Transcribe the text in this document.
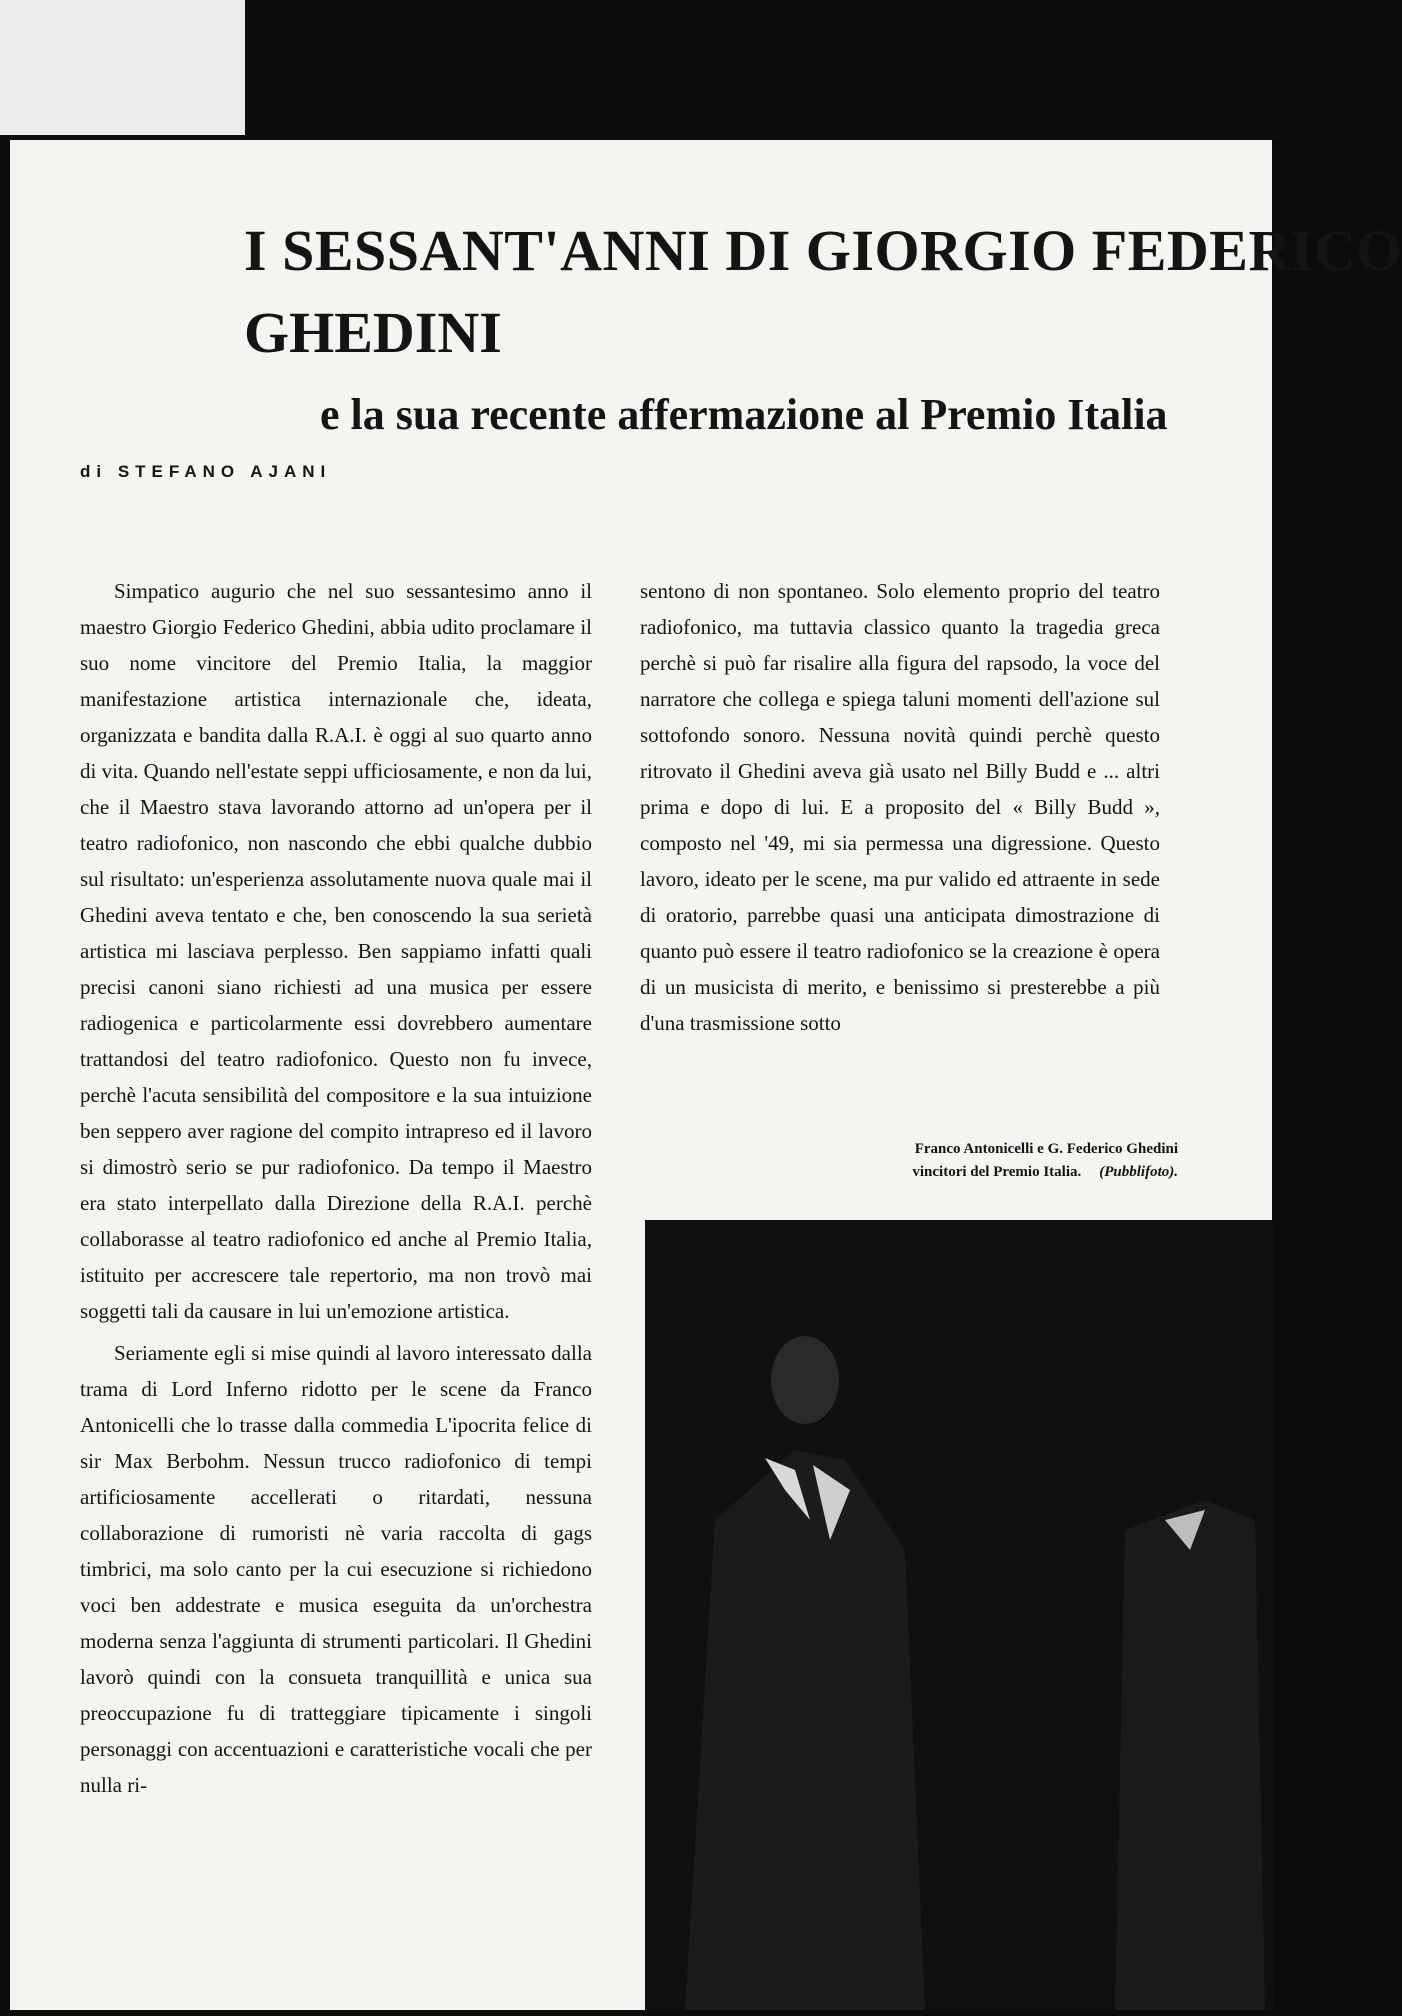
I SESSANT'ANNI DI GIORGIO FEDERICO
GHEDINI
e la sua recente affermazione al Premio Italia
di STEFANO AJANI

Simpatico augurio che nel suo sessantesimo anno il maestro Giorgio Federico Ghedini, abbia udito proclamare il suo nome vincitore del Premio Italia, la maggior manifestazione artistica internazionale che, ideata, organizzata e bandita dalla R.A.I. è oggi al suo quarto anno di vita. Quando nell'estate seppi ufficiosamente, e non da lui, che il Maestro stava lavorando attorno ad un'opera per il teatro radiofonico, non nascondo che ebbi qualche dubbio sul risultato: un'esperienza assolutamente nuova quale mai il Ghedini aveva tentato e che, ben conoscendo la sua serietà artistica mi lasciava perplesso. Ben sappiamo infatti quali precisi canoni siano richiesti ad una musica per essere radiogenica e particolarmente essi dovrebbero aumentare trattandosi del teatro radiofonico. Questo non fu invece, perchè l'acuta sensibilità del compositore e la sua intuizione ben seppero aver ragione del compito intrapreso ed il lavoro si dimostrò serio se pur radiofonico. Da tempo il Maestro era stato interpellato dalla Direzione della R.A.I. perchè collaborasse al teatro radiofonico ed anche al Premio Italia, istituito per accrescere tale repertorio, ma non trovò mai soggetti tali da causare in lui un'emozione artistica.

Seriamente egli si mise quindi al lavoro interessato dalla trama di Lord Inferno ridotto per le scene da Franco Antonicelli che lo trasse dalla commedia L'ipocrita felice di sir Max Berbohm. Nessun trucco radiofonico di tempi artificiosamente accellerati o ritardati, nessuna collaborazione di rumoristi nè varia raccolta di gags timbrici, ma solo canto per la cui esecuzione si richiedono voci ben addestrate e musica eseguita da un'orchestra moderna senza l'aggiunta di strumenti particolari. Il Ghedini lavorò quindi con la consueta tranquillità e unica sua preoccupazione fu di tratteggiare tipicamente i singoli personaggi con accentuazioni e caratteristiche vocali che per nulla ri-

sentono di non spontaneo. Solo elemento proprio del teatro radiofonico, ma tuttavia classico quanto la tragedia greca perchè si può far risalire alla figura del rapsodo, la voce del narratore che collega e spiega taluni momenti dell'azione sul sottofondo sonoro. Nessuna novità quindi perchè questo ritrovato il Ghedini aveva già usato nel Billy Budd e ... altri prima e dopo di lui. E a proposito del « Billy Budd », composto nel '49, mi sia permessa una digressione. Questo lavoro, ideato per le scene, ma pur valido ed attraente in sede di oratorio, parrebbe quasi una anticipata dimostrazione di quanto può essere il teatro radiofonico se la creazione è opera di un musicista di merito, e benissimo si presterebbe a più d'una trasmissione sotto

Franco Antonicelli e G. Federico Ghedini
vincitori del Premio Italia. (Pubblifoto).
